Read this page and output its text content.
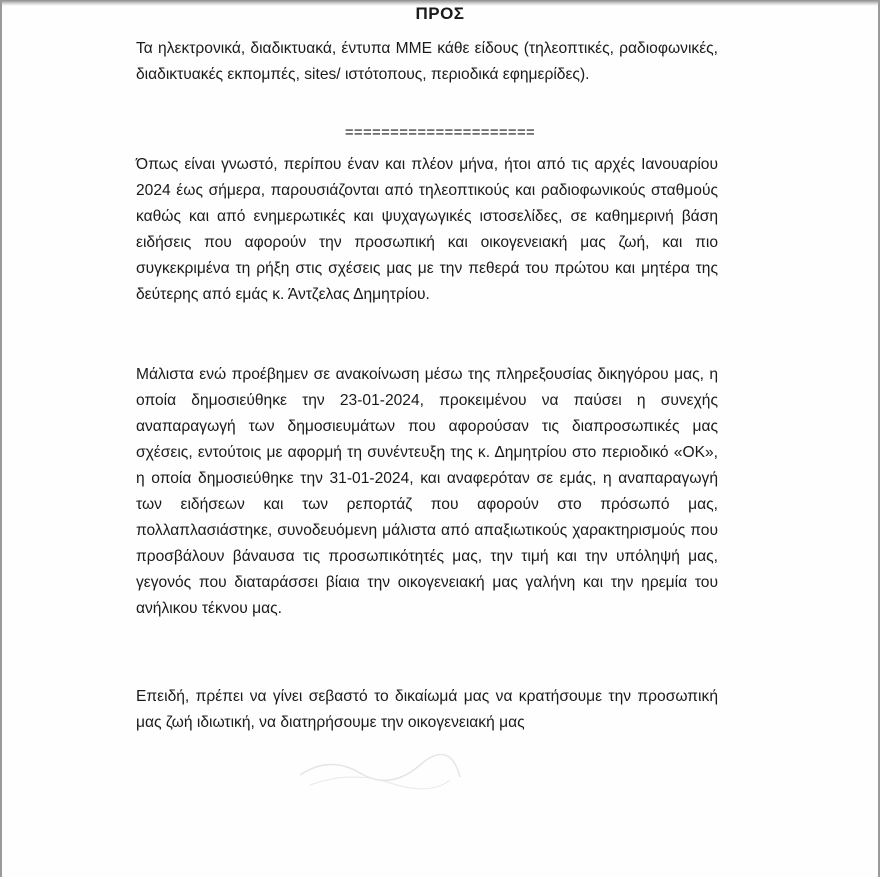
ΠΡΟΣ
Τα ηλεκτρονικά, διαδικτυακά, έντυπα ΜΜΕ κάθε είδους (τηλεοπτικές, ραδιοφωνικές, διαδικτυακές εκπομπές, sites/ ιστότοπους, περιοδικά εφημερίδες).
=====================

Όπως είναι γνωστό, περίπου έναν και πλέον μήνα, ήτοι από τις αρχές Ιανουαρίου 2024 έως σήμερα, παρουσιάζονται από τηλεοπτικούς και ραδιοφωνικούς σταθμούς καθώς και από ενημερωτικές και ψυχαγωγικές ιστοσελίδες, σε καθημερινή βάση ειδήσεις που αφορούν την προσωπική και οικογενειακή μας ζωή, και πιο συγκεκριμένα τη ρήξη στις σχέσεις μας με την πεθερά του πρώτου και μητέρα της δεύτερης από εμάς κ. Άντζελας Δημητρίου.

Μάλιστα ενώ προέβημεν σε ανακοίνωση μέσω της πληρεξουσίας δικηγόρου μας, η οποία δημοσιεύθηκε την 23-01-2024, προκειμένου να παύσει η συνεχής αναπαραγωγή των δημοσιευμάτων που αφορούσαν τις διαπροσωπικές μας σχέσεις, εντούτοις με αφορμή τη συνέντευξη της κ. Δημητρίου στο περιοδικό «ΟΚ», η οποία δημοσιεύθηκε την 31-01-2024, και αναφερόταν σε εμάς, η αναπαραγωγή των ειδήσεων και των ρεπορτάζ που αφορούν στο πρόσωπό μας, πολλαπλασιάστηκε, συνοδευόμενη μάλιστα από απαξιωτικούς χαρακτηρισμούς που προσβάλουν βάναυσα τις προσωπικότητές μας, την τιμή και την υπόληψή μας, γεγονός που διαταράσσει βίαια την οικογενειακή μας γαλήνη και την ηρεμία του ανήλικου τέκνου μας.

Επειδή, πρέπει να γίνει σεβαστό το δικαίωμά μας να κρατήσουμε την προσωπική μας ζωή ιδιωτική, να διατηρήσουμε την οικογενειακή μας
